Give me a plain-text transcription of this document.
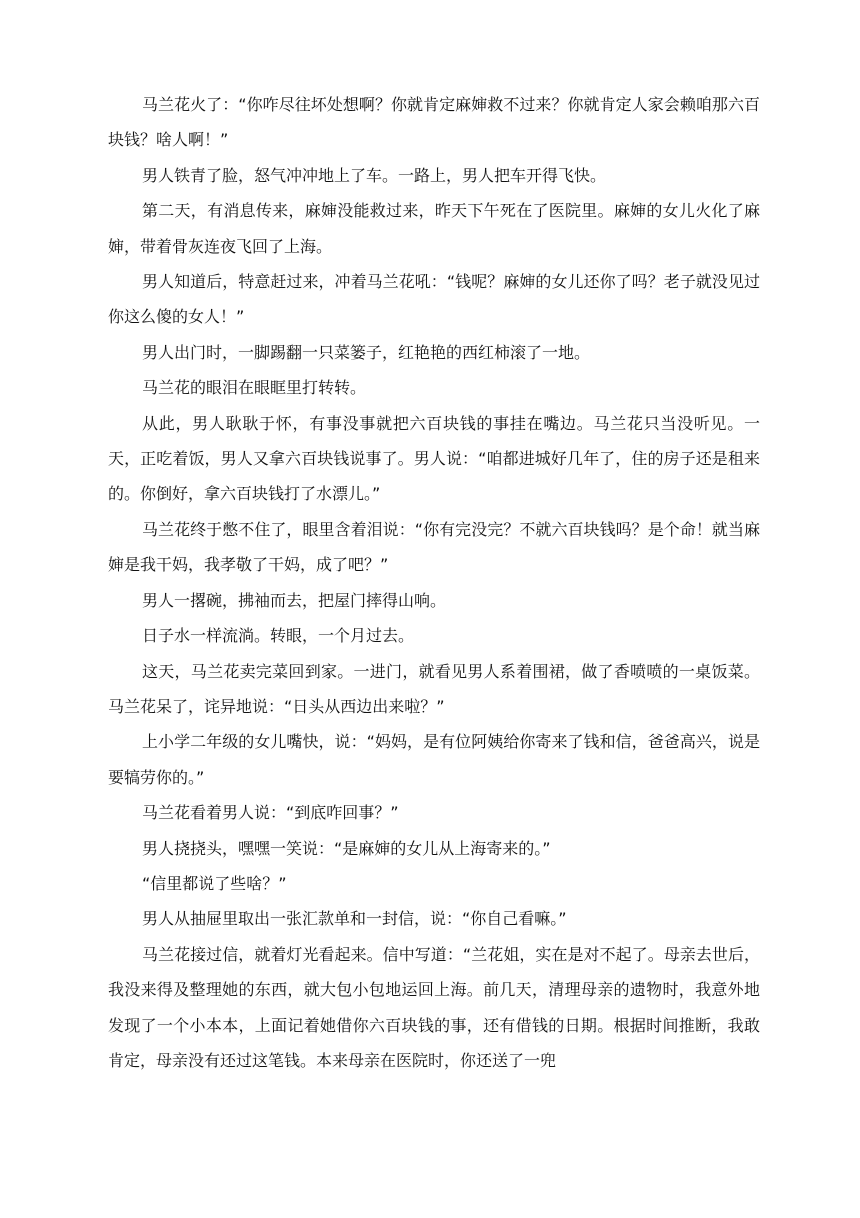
马兰花火了：“你咋尽往坏处想啊？你就肯定麻婶救不过来？你就肯定人家会赖咱那六百块钱？啥人啊！”

男人铁青了脸，怒气冲冲地上了车。一路上，男人把车开得飞快。

第二天，有消息传来，麻婶没能救过来，昨天下午死在了医院里。麻婶的女儿火化了麻婶，带着骨灰连夜飞回了上海。

男人知道后，特意赶过来，冲着马兰花吼：“钱呢？麻婶的女儿还你了吗？老子就没见过你这么傻的女人！”

男人出门时，一脚踢翻一只菜篓子，红艳艳的西红柿滚了一地。

马兰花的眼泪在眼眶里打转转。

从此，男人耿耿于怀，有事没事就把六百块钱的事挂在嘴边。马兰花只当没听见。一天，正吃着饭，男人又拿六百块钱说事了。男人说：“咱都进城好几年了，住的房子还是租来的。你倒好，拿六百块钱打了水漂儿。”

马兰花终于憋不住了，眼里含着泪说：“你有完没完？不就六百块钱吗？是个命！就当麻婶是我干妈，我孝敬了干妈，成了吧？”

男人一撂碗，拂袖而去，把屋门摔得山响。

日子水一样流淌。转眼，一个月过去。

这天，马兰花卖完菜回到家。一进门，就看见男人系着围裙，做了香喷喷的一桌饭菜。马兰花呆了，诧异地说：“日头从西边出来啦？”

上小学二年级的女儿嘴快，说：“妈妈，是有位阿姨给你寄来了钱和信，爸爸高兴，说是要犒劳你的。”

马兰花看着男人说：“到底咋回事？”

男人挠挠头，嘿嘿一笑说：“是麻婶的女儿从上海寄来的。”

“信里都说了些啥？”

男人从抽屉里取出一张汇款单和一封信，说：“你自己看嘛。”

马兰花接过信，就着灯光看起来。信中写道：“兰花姐，实在是对不起了。母亲去世后，我没来得及整理她的东西，就大包小包地运回上海。前几天，清理母亲的遗物时，我意外地发现了一个小本本，上面记着她借你六百块钱的事，还有借钱的日期。根据时间推断，我敢肯定，母亲没有还过这笔钱。本来母亲在医院时，你还送了一兜
